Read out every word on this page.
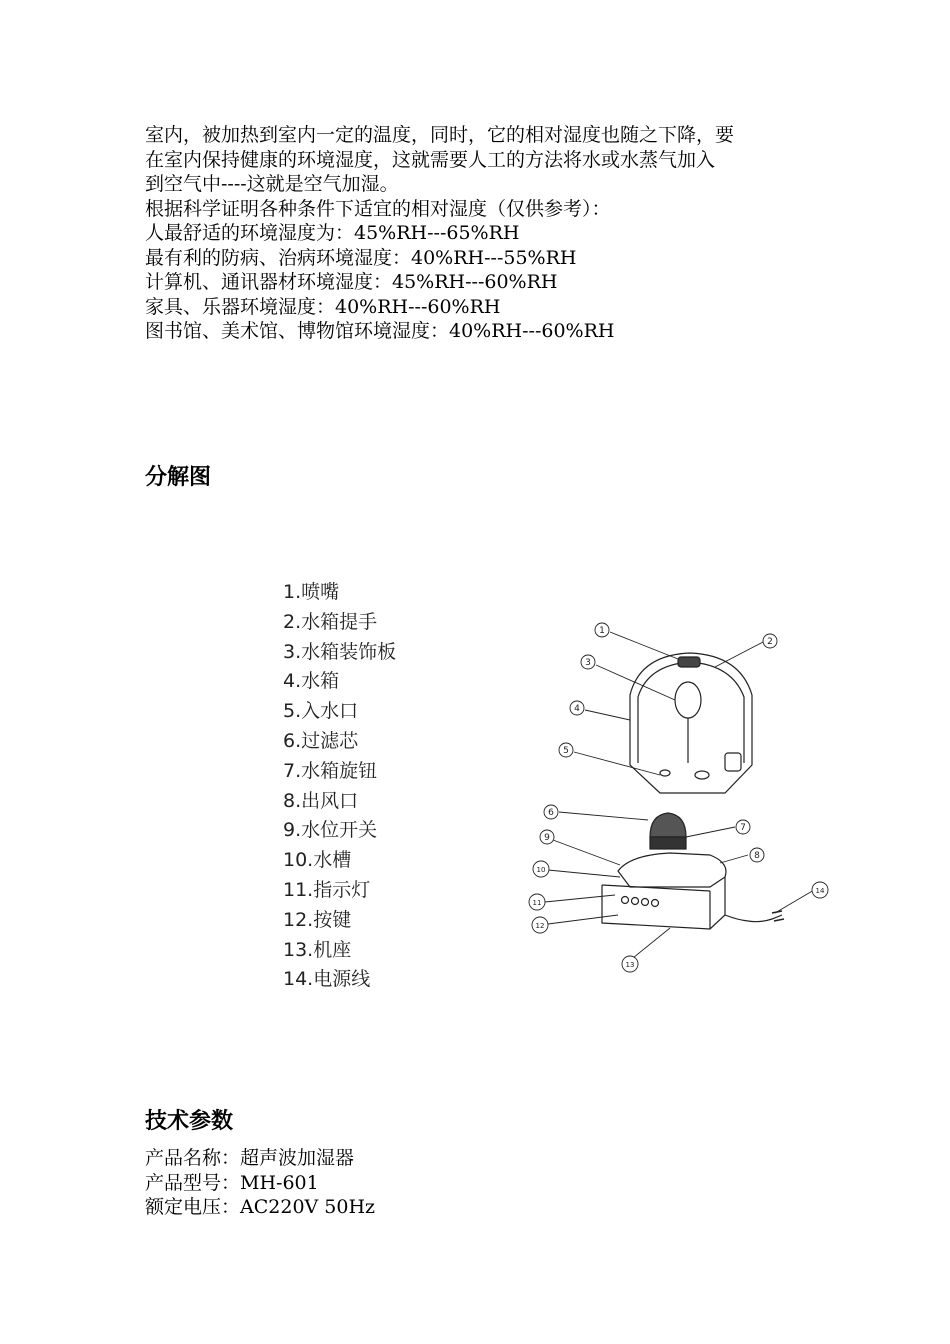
室内，被加热到室内一定的温度，同时，它的相对湿度也随之下降，要

在室内保持健康的环境湿度，这就需要人工的方法将水或水蒸气加入

到空气中----这就是空气加湿。

根据科学证明各种条件下适宜的相对湿度（仅供参考）：

人最舒适的环境湿度为：45%RH---65%RH

最有利的防病、治病环境湿度：40%RH---55%RH

计算机、通讯器材环境湿度：45%RH---60%RH

家具、乐器环境湿度：40%RH---60%RH

图书馆、美术馆、博物馆环境湿度：40%RH---60%RH

分解图
1.喷嘴
2.水箱提手
3.水箱装饰板
4.水箱
5.入水口
6.过滤芯
7.水箱旋钮
8.出风口
9.水位开关
10.水槽
11.指示灯
12.按键
13.机座
14.电源线
1
2
3
4
5
6
7
8
9
10
11
12
13
14
技术参数

产品名称：超声波加湿器

产品型号：MH-601

额定电压：AC220V 50Hz
